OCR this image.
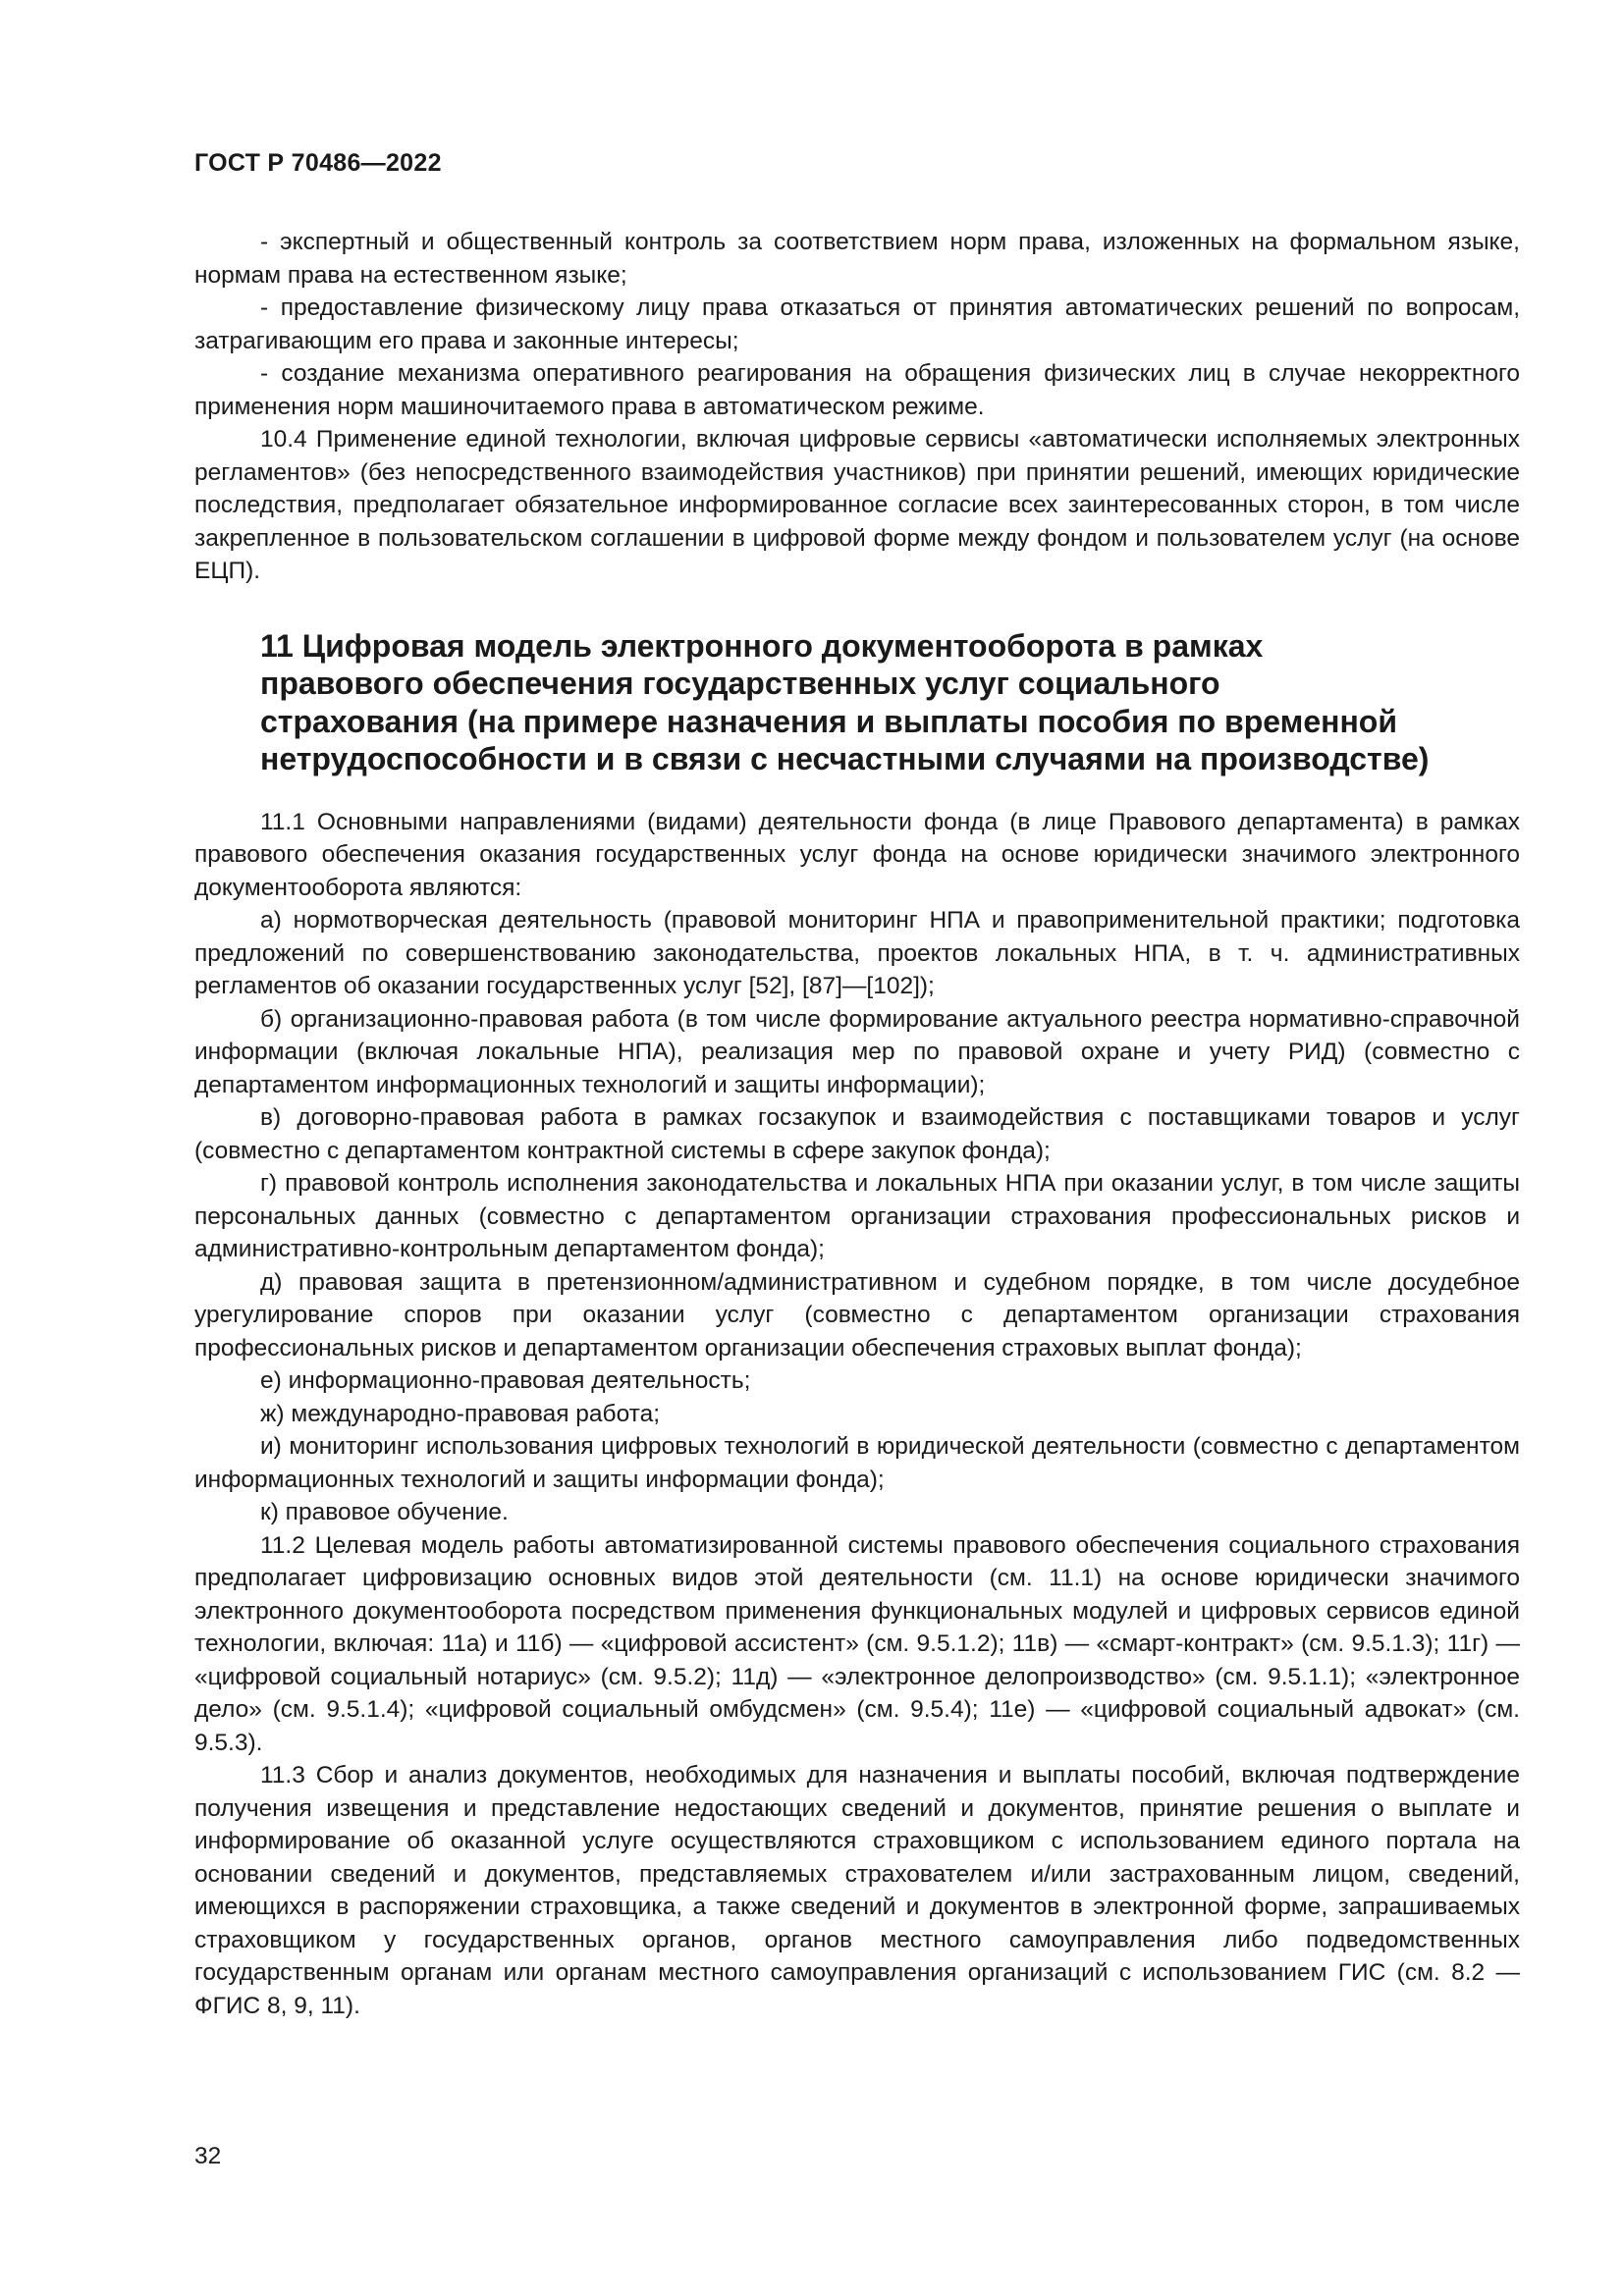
ГОСТ Р 70486—2022

- экспертный и общественный контроль за соответствием норм права, изложенных на формальном языке, нормам права на естественном языке;

- предоставление физическому лицу права отказаться от принятия автоматических решений по вопросам, затрагивающим его права и законные интересы;

- создание механизма оперативного реагирования на обращения физических лиц в случае некорректного применения норм машиночитаемого права в автоматическом режиме.

10.4 Применение единой технологии, включая цифровые сервисы «автоматически исполняемых электронных регламентов» (без непосредственного взаимодействия участников) при принятии решений, имеющих юридические последствия, предполагает обязательное информированное согласие всех заинтересованных сторон, в том числе закрепленное в пользовательском соглашении в цифровой форме между фондом и пользователем услуг (на основе ЕЦП).

11 Цифровая модель электронного документооборота в рамках
правового обеспечения государственных услуг социального
страхования (на примере назначения и выплаты пособия по временной
нетрудоспособности и в связи с несчастными случаями на производстве)

11.1 Основными направлениями (видами) деятельности фонда (в лице Правового департамента) в рамках правового обеспечения оказания государственных услуг фонда на основе юридически значимого электронного документооборота являются:

а) нормотворческая деятельность (правовой мониторинг НПА и правоприменительной практики; подготовка предложений по совершенствованию законодательства, проектов локальных НПА, в т. ч. административных регламентов об оказании государственных услуг [52], [87]—[102]);

б) организационно-правовая работа (в том числе формирование актуального реестра нормативно-справочной информации (включая локальные НПА), реализация мер по правовой охране и учету РИД) (совместно с департаментом информационных технологий и защиты информации);

в) договорно-правовая работа в рамках госзакупок и взаимодействия с поставщиками товаров и услуг (совместно с департаментом контрактной системы в сфере закупок фонда);

г) правовой контроль исполнения законодательства и локальных НПА при оказании услуг, в том числе защиты персональных данных (совместно с департаментом организации страхования профессиональных рисков и административно-контрольным департаментом фонда);

д) правовая защита в претензионном/административном и судебном порядке, в том числе досудебное урегулирование споров при оказании услуг (совместно с департаментом организации страхования профессиональных рисков и департаментом организации обеспечения страховых выплат фонда);

е) информационно-правовая деятельность;

ж) международно-правовая работа;

и) мониторинг использования цифровых технологий в юридической деятельности (совместно с департаментом информационных технологий и защиты информации фонда);

к) правовое обучение.

11.2 Целевая модель работы автоматизированной системы правового обеспечения социального страхования предполагает цифровизацию основных видов этой деятельности (см. 11.1) на основе юридически значимого электронного документооборота посредством применения функциональных модулей и цифровых сервисов единой технологии, включая: 11а) и 11б) — «цифровой ассистент» (см. 9.5.1.2); 11в) — «смарт-контракт» (см. 9.5.1.3); 11г) — «цифровой социальный нотариус» (см. 9.5.2); 11д) — «электронное делопроизводство» (см. 9.5.1.1); «электронное дело» (см. 9.5.1.4); «цифровой социальный омбудсмен» (см. 9.5.4); 11е) — «цифровой социальный адвокат» (см. 9.5.3).

11.3 Сбор и анализ документов, необходимых для назначения и выплаты пособий, включая подтверждение получения извещения и представление недостающих сведений и документов, принятие решения о выплате и информирование об оказанной услуге осуществляются страховщиком с использованием единого портала на основании сведений и документов, представляемых страхователем и/или застрахованным лицом, сведений, имеющихся в распоряжении страховщика, а также сведений и документов в электронной форме, запрашиваемых страховщиком у государственных органов, органов местного самоуправления либо подведомственных государственным органам или органам местного самоуправления организаций с использованием ГИС (см. 8.2 — ФГИС 8, 9, 11).

32
